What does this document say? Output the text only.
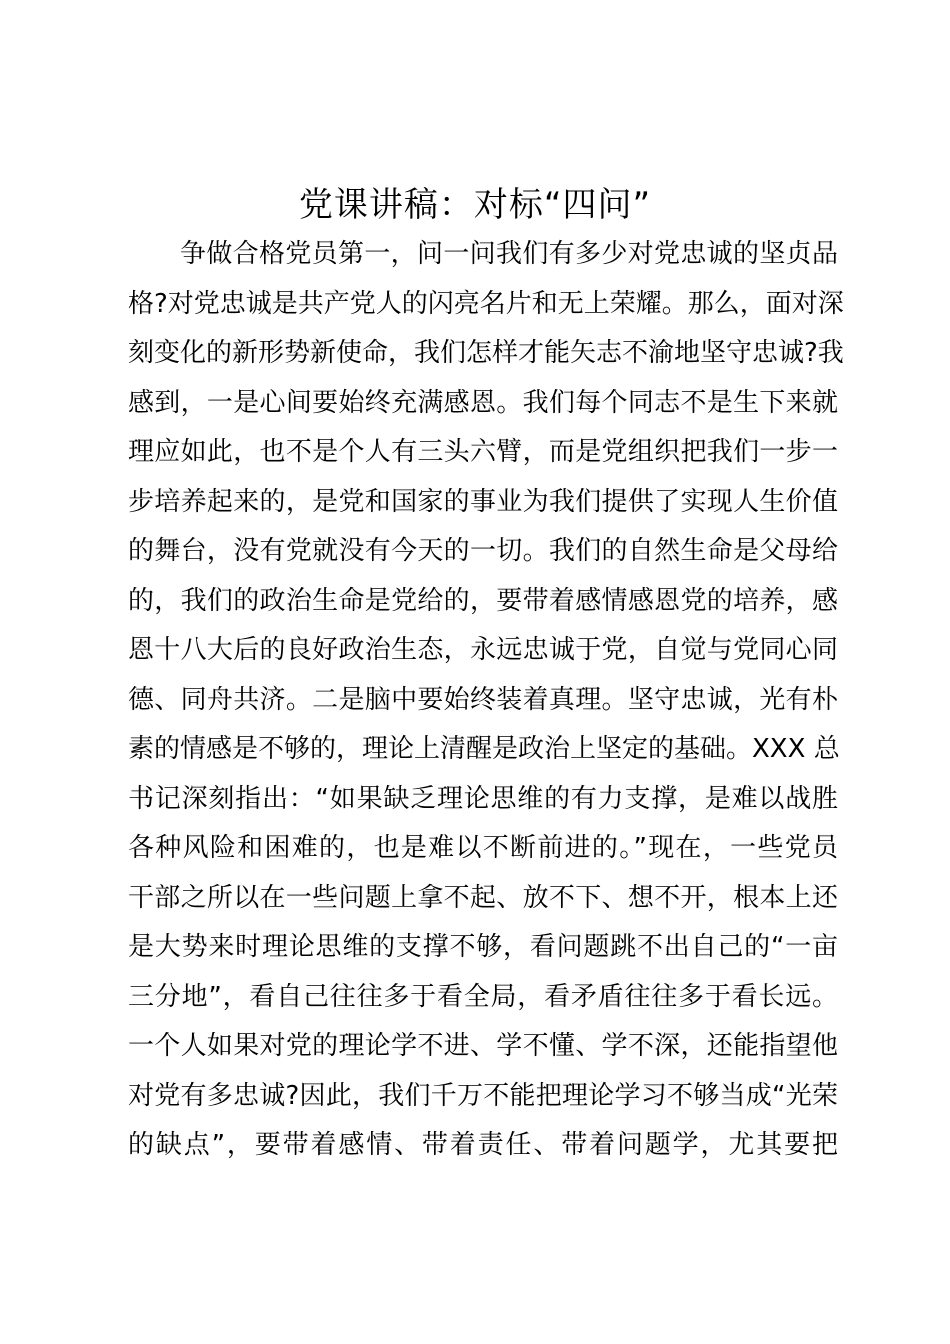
党课讲稿：对标“四问”
争做合格党员第一，问一问我们有多少对党忠诚的坚贞品
格?对党忠诚是共产党人的闪亮名片和无上荣耀。那么，面对深
刻变化的新形势新使命，我们怎样才能矢志不渝地坚守忠诚?我
感到，一是心间要始终充满感恩。我们每个同志不是生下来就
理应如此，也不是个人有三头六臂，而是党组织把我们一步一
步培养起来的，是党和国家的事业为我们提供了实现人生价值
的舞台，没有党就没有今天的一切。我们的自然生命是父母给
的，我们的政治生命是党给的，要带着感情感恩党的培养，感
恩十八大后的良好政治生态，永远忠诚于党，自觉与党同心同
德、同舟共济。二是脑中要始终装着真理。坚守忠诚，光有朴
素的情感是不够的，理论上清醒是政治上坚定的基础。XXX 总
书记深刻指出：“如果缺乏理论思维的有力支撑，是难以战胜
各种风险和困难的，也是难以不断前进的。”现在，一些党员
干部之所以在一些问题上拿不起、放不下、想不开，根本上还
是大势来时理论思维的支撑不够，看问题跳不出自己的“一亩
三分地”，看自己往往多于看全局，看矛盾往往多于看长远。
一个人如果对党的理论学不进、学不懂、学不深，还能指望他
对党有多忠诚?因此，我们千万不能把理论学习不够当成“光荣
的缺点”，要带着感情、带着责任、带着问题学，尤其要把
